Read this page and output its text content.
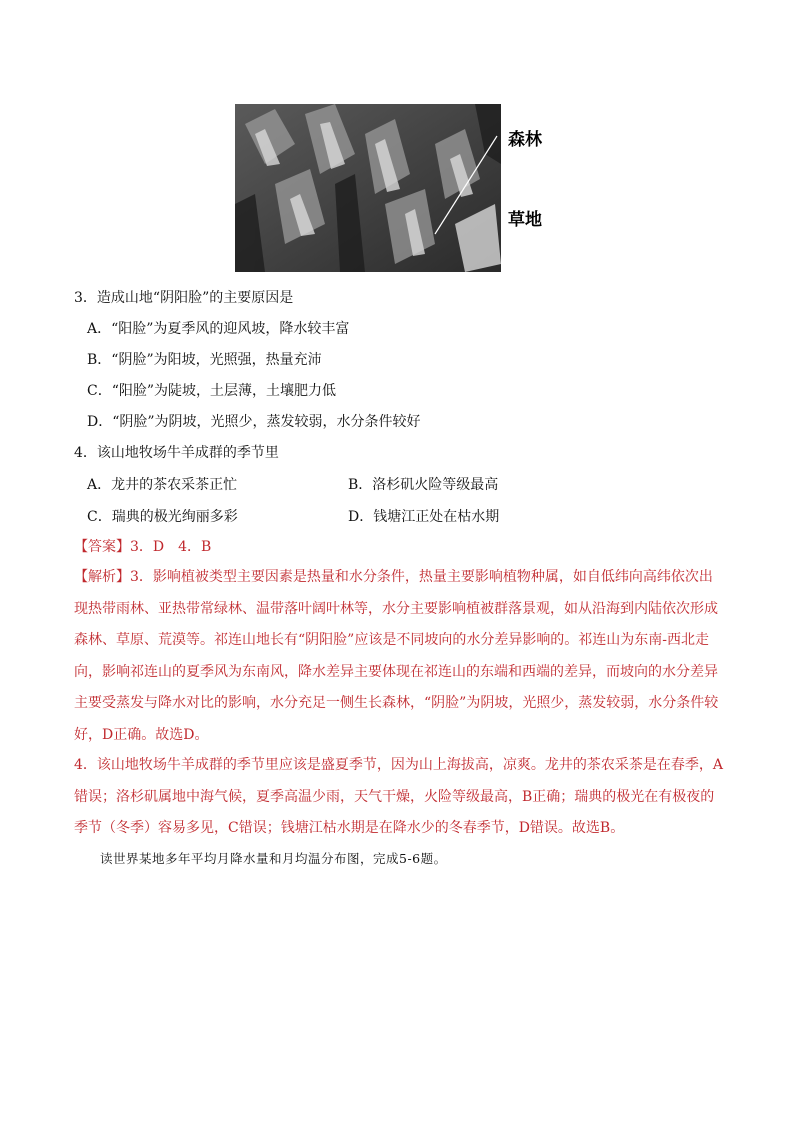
森林
草地
3．造成山地“阴阳脸”的主要原因是
A．“阳脸”为夏季风的迎风坡，降水较丰富
B．“阴脸”为阳坡，光照强，热量充沛
C．“阳脸”为陡坡，土层薄，土壤肥力低
D．“阴脸”为阴坡，光照少，蒸发较弱，水分条件较好
4．该山地牧场牛羊成群的季节里
A．龙井的茶农采茶正忙	B．洛杉矶火险等级最高
C．瑞典的极光绚丽多彩	D．钱塘江正处在枯水期
【答案】3．D　4．B
【解析】3．影响植被类型主要因素是热量和水分条件，热量主要影响植物种属，如自低纬向高纬依次出现热带雨林、亚热带常绿林、温带落叶阔叶林等，水分主要影响植被群落景观，如从沿海到内陆依次形成森林、草原、荒漠等。祁连山地长有“阴阳脸”应该是不同坡向的水分差异影响的。祁连山为东南-西北走向，影响祁连山的夏季风为东南风，降水差异主要体现在祁连山的东端和西端的差异，而坡向的水分差异主要受蒸发与降水对比的影响，水分充足一侧生长森林，“阴脸”为阴坡，光照少，蒸发较弱，水分条件较好，D正确。故选D。
4．该山地牧场牛羊成群的季节里应该是盛夏季节，因为山上海拔高，凉爽。龙井的茶农采茶是在春季，A错误；洛杉矶属地中海气候，夏季高温少雨，天气干燥，火险等级最高，B正确；瑞典的极光在有极夜的季节（冬季）容易多见，C错误；钱塘江枯水期是在降水少的冬春季节，D错误。故选B。
读世界某地多年平均月降水量和月均温分布图，完成5-6题。
